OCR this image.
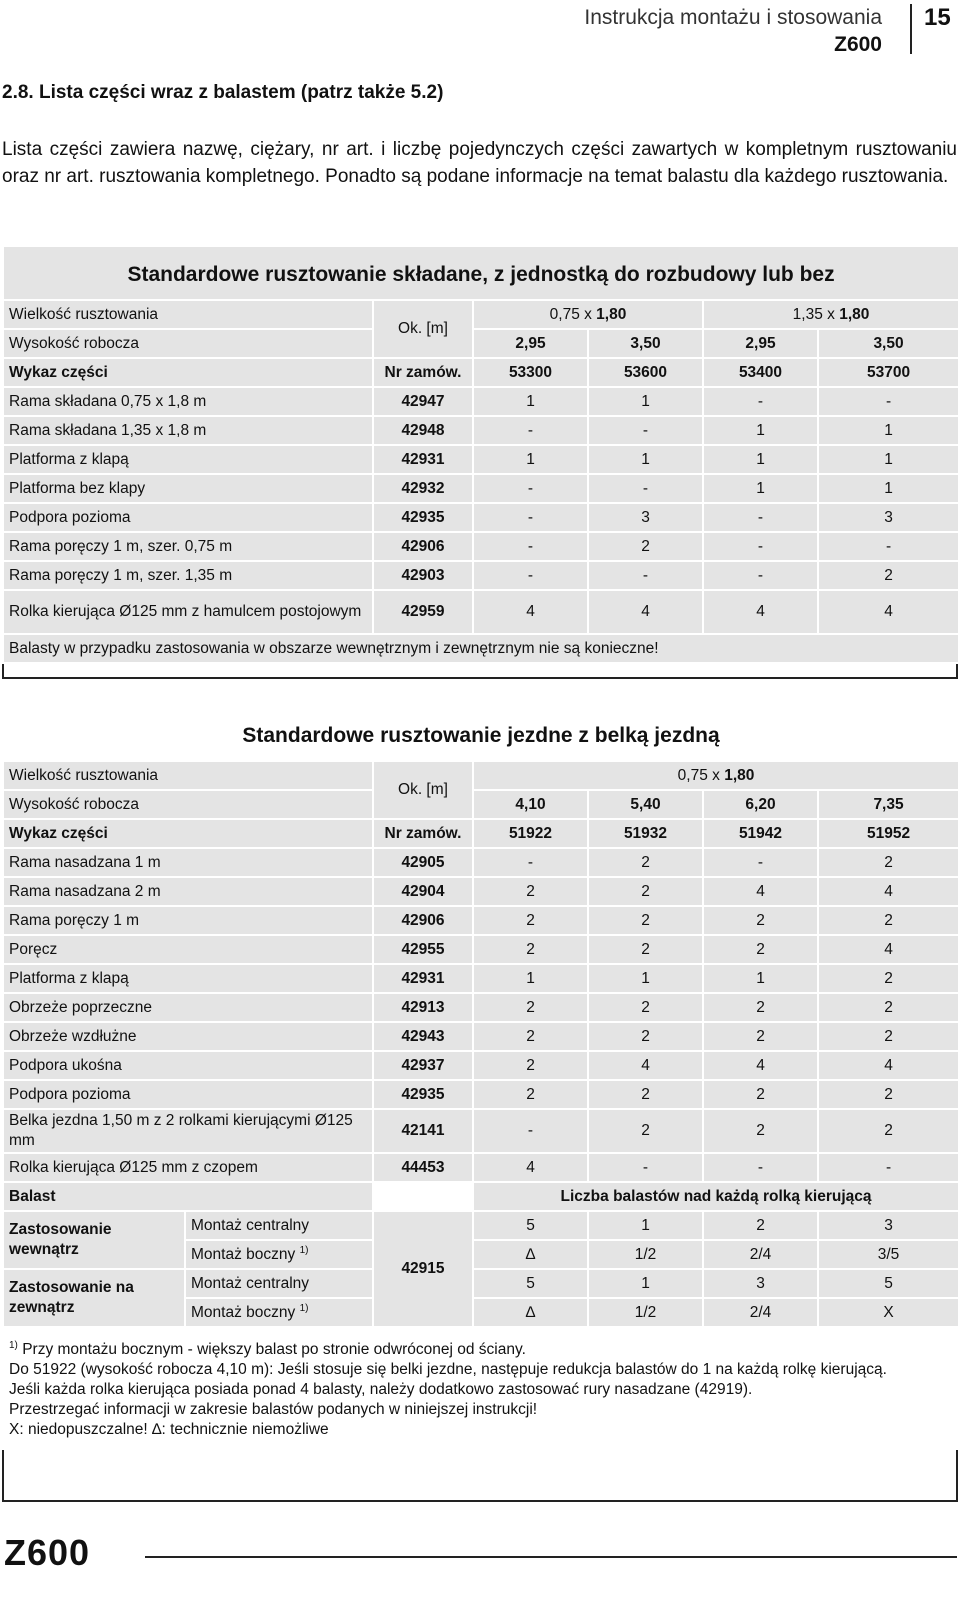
Instrukcja montażu i stosowania
Z600
15
2.8. Lista części wraz z balastem (patrz także 5.2)
Lista części zawiera nazwę, ciężary, nr art. i liczbę pojedynczych części zawartych w kompletnym rusztowaniu oraz nr art. rusztowania kompletnego. Ponadto są podane informacje na temat balastu dla każdego rusztowania.
Standardowe rusztowanie składane, z jednostką do rozbudowy lub bez					
Wielkość rusztowania	Ok. [m]	0,75 x 1,80		1,35 x 1,80	
Wysokość robocza		2,95	3,50	2,95	3,50
Wykaz części	Nr zamów.	53300	53600	53400	53700
Rama składana 0,75 x 1,8 m	42947	1	1	-	-
Rama składana 1,35 x 1,8 m	42948	-	-	1	1
Platforma z klapą	42931	1	1	1	1
Platforma bez klapy	42932	-	-	1	1
Podpora pozioma	42935	-	3	-	3
Rama poręczy 1 m, szer. 0,75 m	42906	-	2	-	-
Rama poręczy 1 m, szer. 1,35 m	42903	-	-	-	2
Rolka kierująca Ø125 mm z hamulcem postojowym	42959	4	4	4	4
Balasty w przypadku zastosowania w obszarze wewnętrznym i zewnętrznym nie są konieczne!					
Standardowe rusztowanie jezdne z belką jezdną						
Wielkość rusztowania		Ok. [m]	0,75 x 1,80			
Wysokość robocza			4,10	5,40	6,20	7,35
Wykaz części		Nr zamów.	51922	51932	51942	51952
Rama nasadzana 1 m		42905	-	2	-	2
Rama nasadzana 2 m		42904	2	2	4	4
Rama poręczy 1 m		42906	2	2	2	2
Poręcz		42955	2	2	2	4
Platforma z klapą		42931	1	1	1	2
Obrzeże poprzeczne		42913	2	2	2	2
Obrzeże wzdłużne		42943	2	2	2	2
Podpora ukośna		42937	2	4	4	4
Podpora pozioma		42935	2	2	2	2
Belka jezdna 1,50 m z 2 rolkami kierującymi Ø125 mm		42141	-	2	2	2
Rolka kierująca Ø125 mm z czopem		44453	4	-	-	-
Balast			Liczba balastów nad każdą rolką kierującą			
Zastosowanie wewnątrz	Montaż centralny	42915	5	1	2	3
	Montaż boczny $^{1)}$		∆	1/2	2/4	3/5
Zastosowanie na zewnątrz	Montaż centralny		5	1	3	5
	Montaż boczny $^{1)}$		∆	1/2	2/4	X

$^{1)}$ Przy montażu bocznym - większy balast po stronie odwróconej od ściany.
Do 51922 (wysokość robocza 4,10 m): Jeśli stosuje się belki jezdne, następuje redukcja balastów do 1 na każdą rolkę kierującą.
Jeśli każda rolka kierująca posiada ponad 4 balasty, należy dodatkowo zastosować rury nasadzane (42919).
Przestrzegać informacji w zakresie balastów podanych w niniejszej instrukcji!
X: niedopuszczalne! ∆: technicznie niemożliwe						
Z600
